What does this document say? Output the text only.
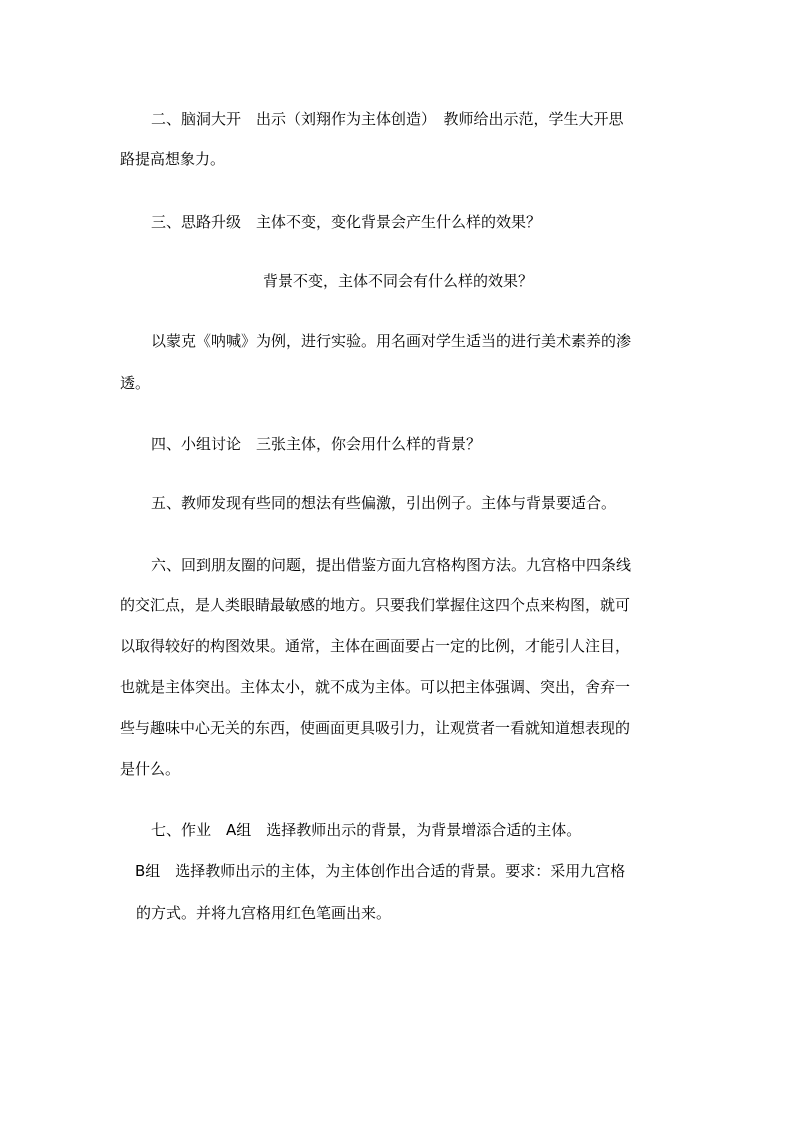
二、脑洞大开　出示（刘翔作为主体创造）　教师给出示范，学生大开思
路提高想象力。
三、思路升级　主体不变，变化背景会产生什么样的效果？
背景不变，主体不同会有什么样的效果？
以蒙克《呐喊》为例，进行实验。用名画对学生适当的进行美术素养的渗
透。
四、小组讨论　三张主体，你会用什么样的背景？
五、教师发现有些同的想法有些偏激，引出例子。主体与背景要适合。
六、回到朋友圈的问题，提出借鉴方面九宫格构图方法。九宫格中四条线
的交汇点，是人类眼睛最敏感的地方。只要我们掌握住这四个点来构图，就可
以取得较好的构图效果。通常，主体在画面要占一定的比例，才能引人注目，
也就是主体突出。主体太小，就不成为主体。可以把主体强调、突出，舍弃一
些与趣味中心无关的东西，使画面更具吸引力，让观赏者一看就知道想表现的
是什么。
七、作业　A组　选择教师出示的背景，为背景增添合适的主体。
B组　选择教师出示的主体，为主体创作出合适的背景。要求：采用九宫格
的方式。并将九宫格用红色笔画出来。
